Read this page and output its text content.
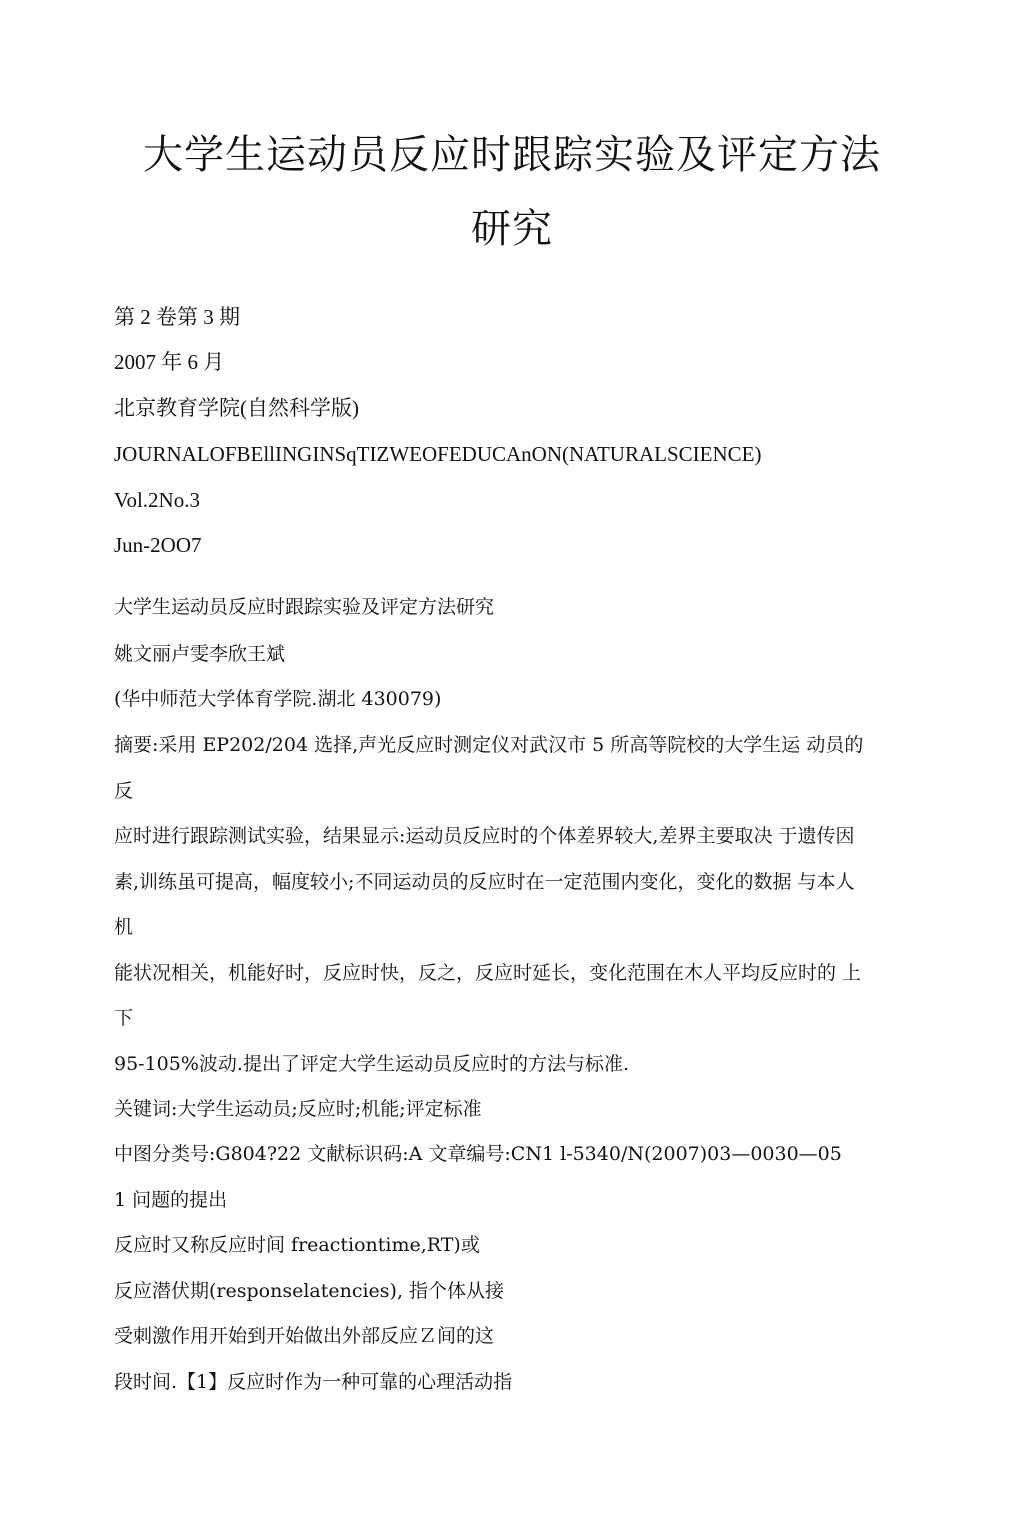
大学生运动员反应时跟踪实验及评定方法
研究

第 2 卷第 3 期

2007 年 6 月

北京教育学院(自然科学版)

JOURNALOFBEllINGINSqTIZWEOFEDUCAnON(NATURALSCIENCE)

Vol.2No.3

Jun-2OO7

大学生运动员反应时跟踪实验及评定方法研究

姚文丽卢雯李欣王斌

(华中师范大学体育学院.湖北 430079)

摘要:采用 EP202/204 选择,声光反应时测定仪对武汉市 5 所高等院校的大学生运 动员的

反

应时进行跟踪测试实验，结果显示:运动员反应时的个体差界较大,差界主要取决 于遗传因

素,训练虽可提高，幅度较小;不同运动员的反应时在一定范围内变化，变化的数据 与本人

机

能状况相关，机能好时，反应时快，反之，反应时延长，变化范围在木人平均反应时的 上

下

95-105%波动.提出了评定大学生运动员反应时的方法与标准.

关键词:大学生运动员;反应时;机能;评定标准

中图分类号:G804?22 文献标识码:A 文章编号:CN1 l-5340/N(2007)03—0030—05

1 问题的提出

反应时又称反应时间 freactiontime,RT)或

反应潜伏期(responselatencies), 指个体从接

受刺激作用开始到开始做出外部反应Ｚ间的这

段时间.【1】反应时作为一种可靠的心理活动指
